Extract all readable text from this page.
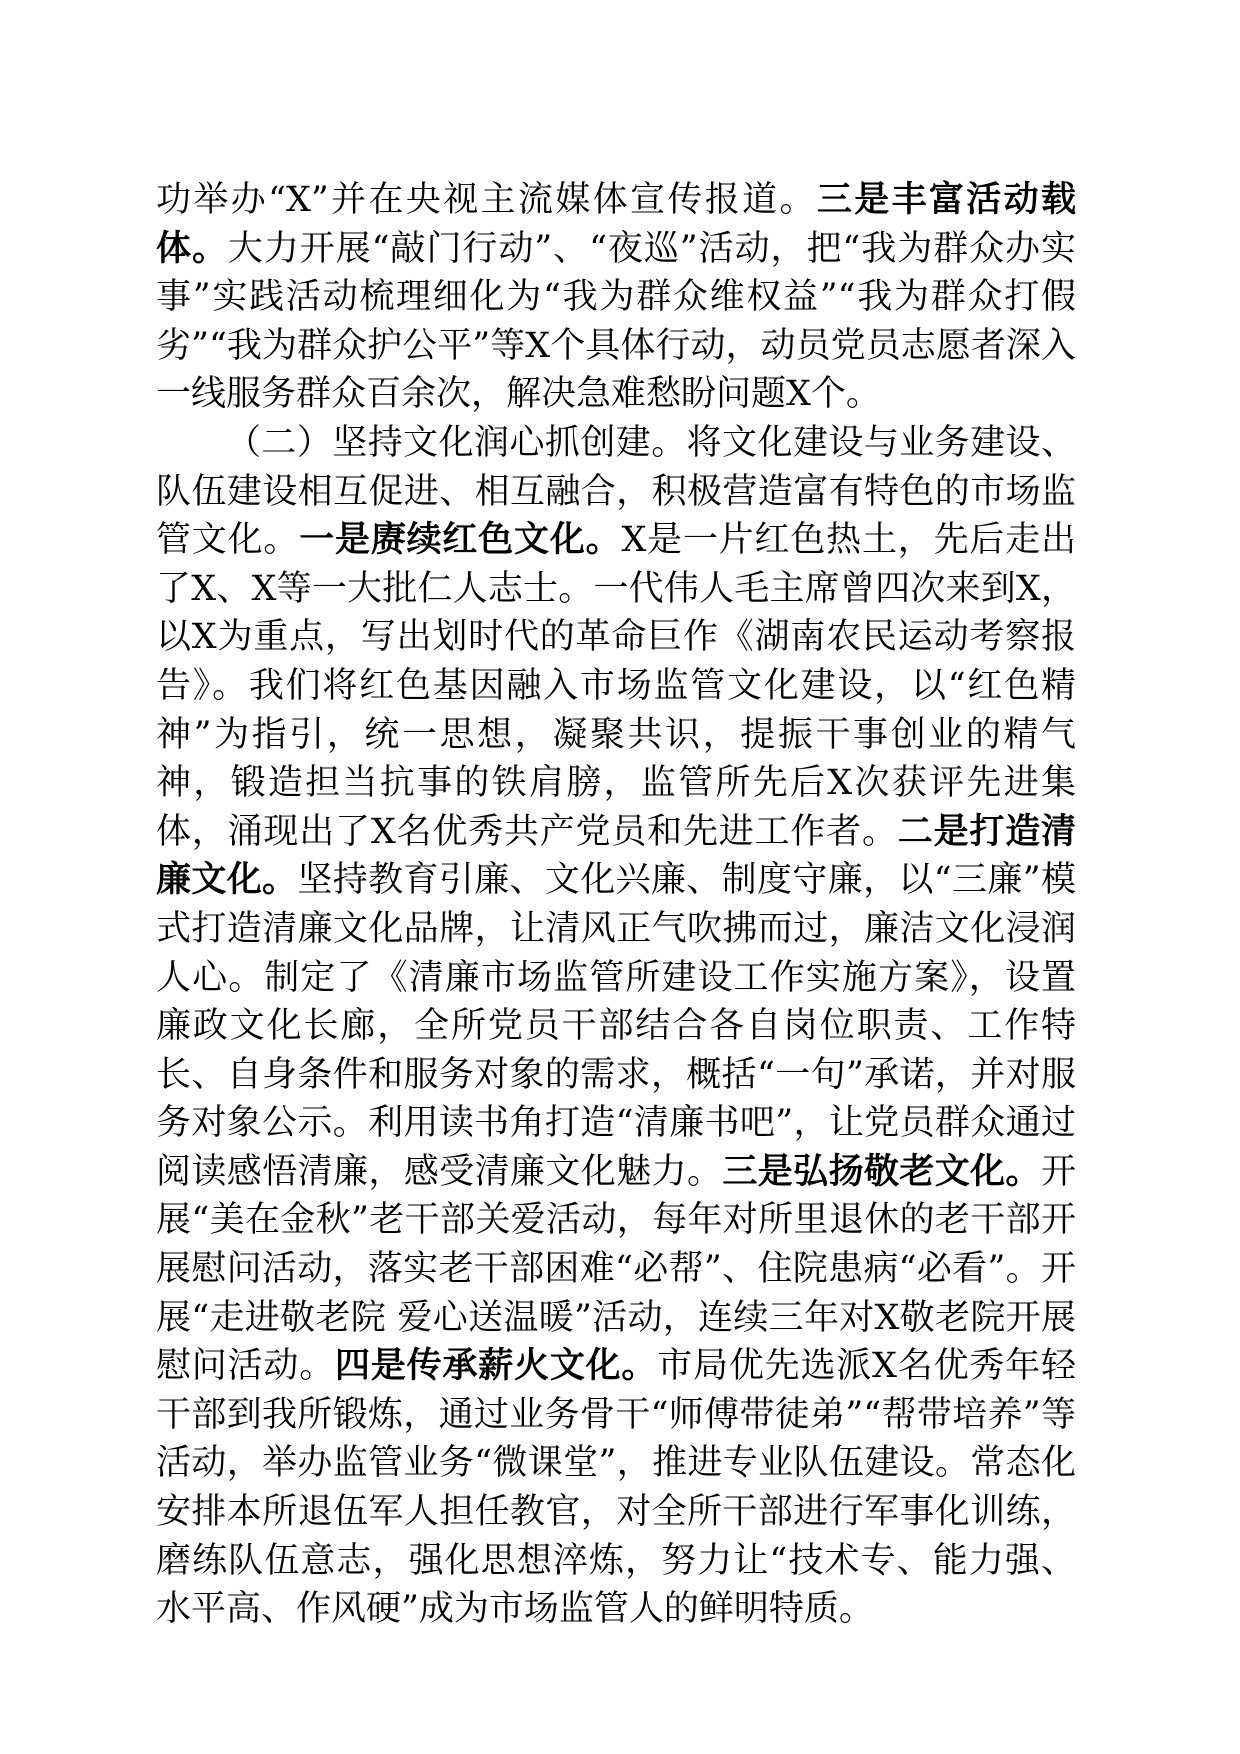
功举办“X”并在央视主流媒体宣传报道。三是丰富活动载体。大力开展“敲门行动”、“夜巡”活动，把“我为群众办实事”实践活动梳理细化为“我为群众维权益”“我为群众打假劣”“我为群众护公平”等X个具体行动，动员党员志愿者深入一线服务群众百余次，解决急难愁盼问题X个。

（二）坚持文化润心抓创建。将文化建设与业务建设、队伍建设相互促进、相互融合，积极营造富有特色的市场监管文化。一是赓续红色文化。X是一片红色热土，先后走出了X、X等一大批仁人志士。一代伟人毛主席曾四次来到X，以X为重点，写出划时代的革命巨作《湖南农民运动考察报告》。我们将红色基因融入市场监管文化建设，以“红色精神”为指引，统一思想，凝聚共识，提振干事创业的精气神，锻造担当抗事的铁肩膀，监管所先后X次获评先进集体，涌现出了X名优秀共产党员和先进工作者。二是打造清廉文化。坚持教育引廉、文化兴廉、制度守廉，以“三廉”模式打造清廉文化品牌，让清风正气吹拂而过，廉洁文化浸润人心。制定了《清廉市场监管所建设工作实施方案》，设置廉政文化长廊，全所党员干部结合各自岗位职责、工作特长、自身条件和服务对象的需求，概括“一句”承诺，并对服务对象公示。利用读书角打造“清廉书吧”，让党员群众通过阅读感悟清廉，感受清廉文化魅力。三是弘扬敬老文化。开展“美在金秋”老干部关爱活动，每年对所里退休的老干部开展慰问活动，落实老干部困难“必帮”、住院患病“必看”。开展“走进敬老院 爱心送温暖”活动，连续三年对X敬老院开展慰问活动。四是传承薪火文化。市局优先选派X名优秀年轻干部到我所锻炼，通过业务骨干“师傅带徒弟”“帮带培养”等活动，举办监管业务“微课堂”，推进专业队伍建设。常态化安排本所退伍军人担任教官，对全所干部进行军事化训练，磨练队伍意志，强化思想淬炼，努力让“技术专、能力强、水平高、作风硬”成为市场监管人的鲜明特质。
